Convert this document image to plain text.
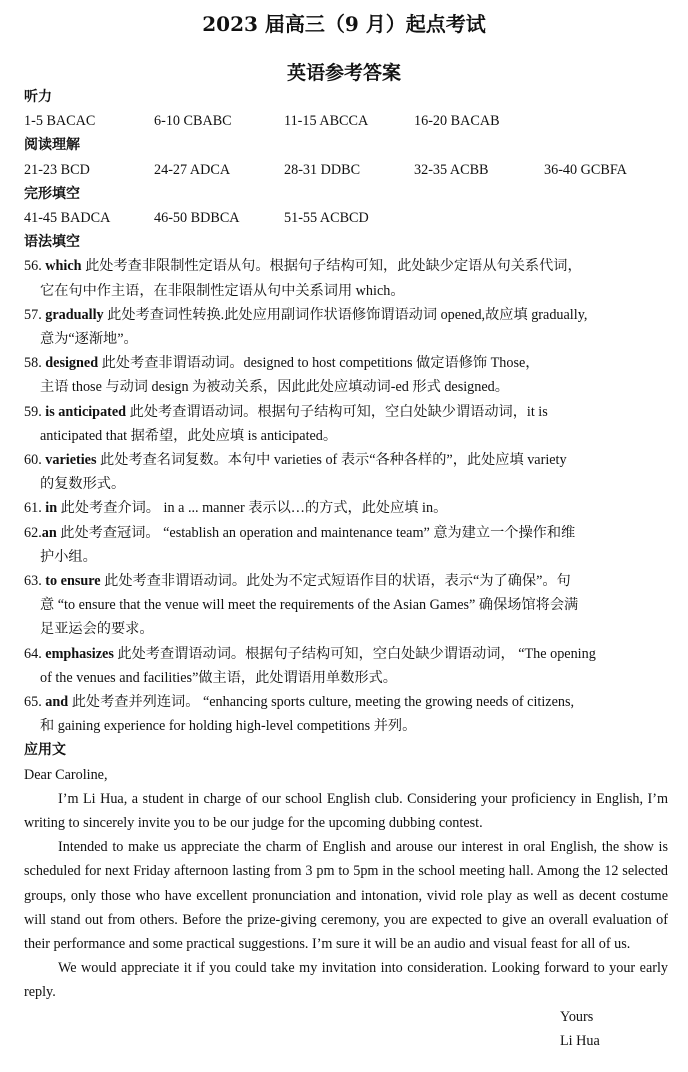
2023 届高三（9 月）起点考试
英语参考答案
听力
1-5 BACAC	6-10 CBABC	11-15 ABCCA	16-20 BACAB
阅读理解
21-23 BCD	24-27 ADCA	28-31 DDBC	32-35 ACBB	36-40 GCBFA
完形填空
41-45 BADCA	46-50 BDBCA	51-55 ACBCD
语法填空
56. which 此处考查非限制性定语从句。根据句子结构可知，此处缺少定语从句关系代词，
它在句中作主语，在非限制性定语从句中关系词用 which。
57. gradually 此处考查词性转换.此处应用副词作状语修饰谓语动词 opened,故应填 gradually,
意为“逐渐地”。
58. designed 此处考查非谓语动词。designed to host competitions 做定语修饰 Those，
主语 those 与动词 design 为被动关系，因此此处应填动词-ed 形式 designed。
59. is anticipated 此处考查谓语动词。根据句子结构可知，空白处缺少谓语动词，it is
anticipated that 据希望，此处应填 is anticipated。
60. varieties 此处考查名词复数。本句中 varieties of 表示“各种各样的”，此处应填 variety
的复数形式。
61. in 此处考查介词。 in a ... manner 表示以…的方式，此处应填 in。
62.an 此处考查冠词。 “establish an operation and maintenance team” 意为建立一个操作和维
护小组。
63. to ensure 此处考查非谓语动词。此处为不定式短语作目的状语，表示“为了确保”。句
意 “to ensure that the venue will meet the requirements of the Asian Games” 确保场馆将会满
足亚运会的要求。
64. emphasizes 此处考查谓语动词。根据句子结构可知，空白处缺少谓语动词， “The opening
of the venues and facilities”做主语，此处谓语用单数形式。
65. and 此处考查并列连词。 “enhancing sports culture, meeting the growing needs of citizens,
和 gaining experience for holding high-level competitions 并列。
应用文

Dear Caroline,

I’m Li Hua, a student in charge of our school English club. Considering your proficiency in English, I’m writing to sincerely invite you to be our judge for the upcoming dubbing contest.

Intended to make us appreciate the charm of English and arouse our interest in oral English, the show is scheduled for next Friday afternoon lasting from 3 pm to 5pm in the school meeting hall. Among the 12 selected groups, only those who have excellent pronunciation and intonation, vivid role play as well as decent costume will stand out from others. Before the prize-giving ceremony, you are expected to give an overall evaluation of their performance and some practical suggestions. I’m sure it will be an audio and visual feast for all of us.

We would appreciate it if you could take my invitation into consideration. Looking forward to your early reply.

Yours

Li Hua
